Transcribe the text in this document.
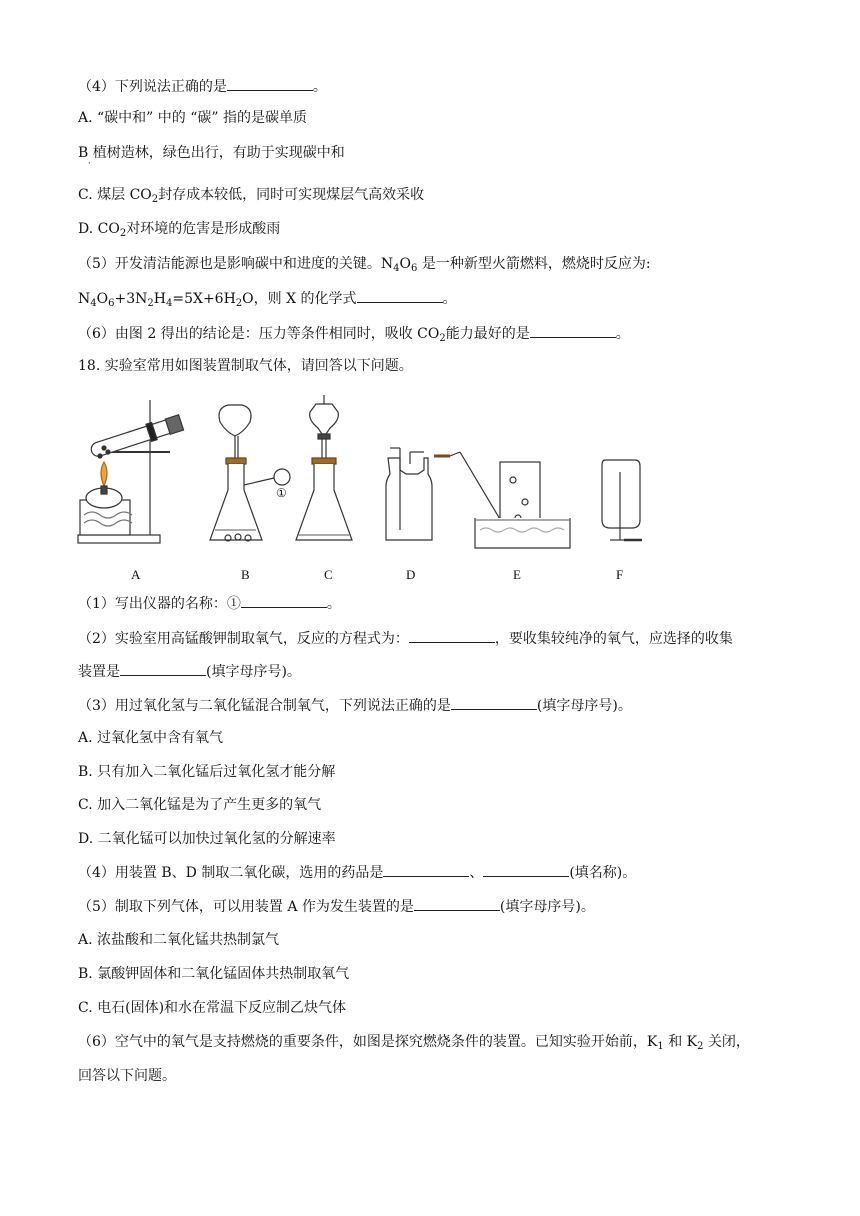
（4）下列说法正确的是	。
A. “碳中和” 中的 “碳” 指的是碳单质
B 植树造林，绿色出行，有助于实现碳中和
·
C. 煤层 $CO_2$封存成本较低，同时可实现煤层气高效采收
D. $CO_2$对环境的危害是形成酸雨
（5）开发清洁能源也是影响碳中和进度的关键。$N_4O_6$ 是一种新型火箭燃料，燃烧时反应为:
$N_4O_6+3N_2H_4=5X+6H_2O$，则 X 的化学式	。
（6）由图 2 得出的结论是：压力等条件相同时，吸收 $CO_2$能力最好的是	。
18. 实验室常用如图装置制取气体，请回答以下问题。
A	B	C	D	E	F
①
（1）写出仪器的名称：①	。
（2）实验室用高锰酸钾制取氧气，反应的方程式为：	，要收集较纯净的氧气，应选择的收集
装置是	(填字母序号)。
（3）用过氧化氢与二氧化锰混合制氧气，下列说法正确的是	(填字母序号)。
A. 过氧化氢中含有氧气
B. 只有加入二氧化锰后过氧化氢才能分解
C. 加入二氧化锰是为了产生更多的氧气
D. 二氧化锰可以加快过氧化氢的分解速率
（4）用装置 B、D 制取二氧化碳，选用的药品是	、	(填名称)。
（5）制取下列气体，可以用装置 A 作为发生装置的是	(填字母序号)。
A. 浓盐酸和二氧化锰共热制氯气
B. 氯酸钾固体和二氧化锰固体共热制取氧气
C. 电石(固体)和水在常温下反应制乙炔气体
（6）空气中的氧气是支持燃烧的重要条件，如图是探究燃烧条件的装置。已知实验开始前，$K_1$ 和 $K_2$ 关闭，
回答以下问题。
